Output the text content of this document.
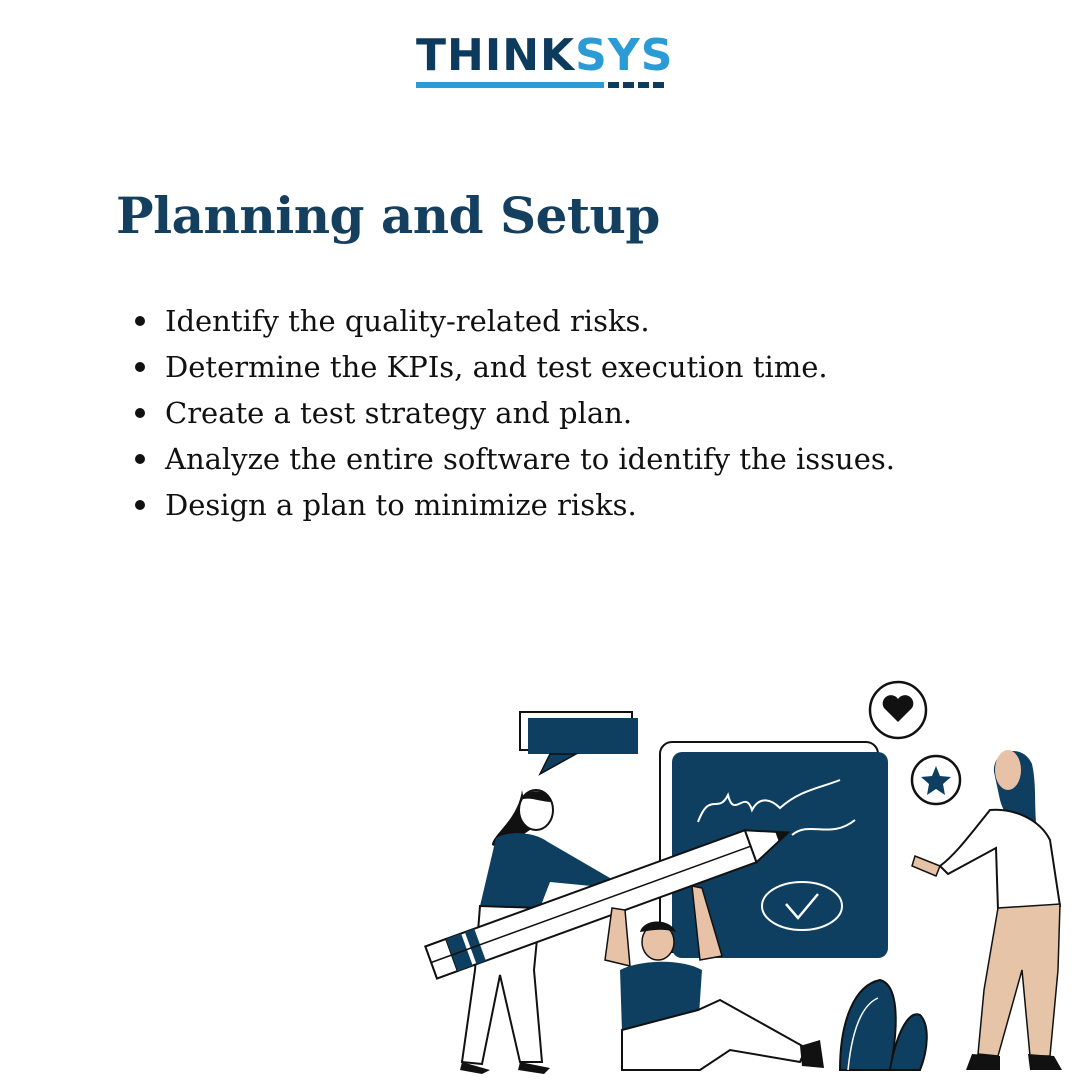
THINKSYS
Planning and Setup
Identify the quality-related risks.
Determine the KPIs, and test execution time.
Create a test strategy and plan.
Analyze the entire software to identify the issues.
Design a plan to minimize risks.
